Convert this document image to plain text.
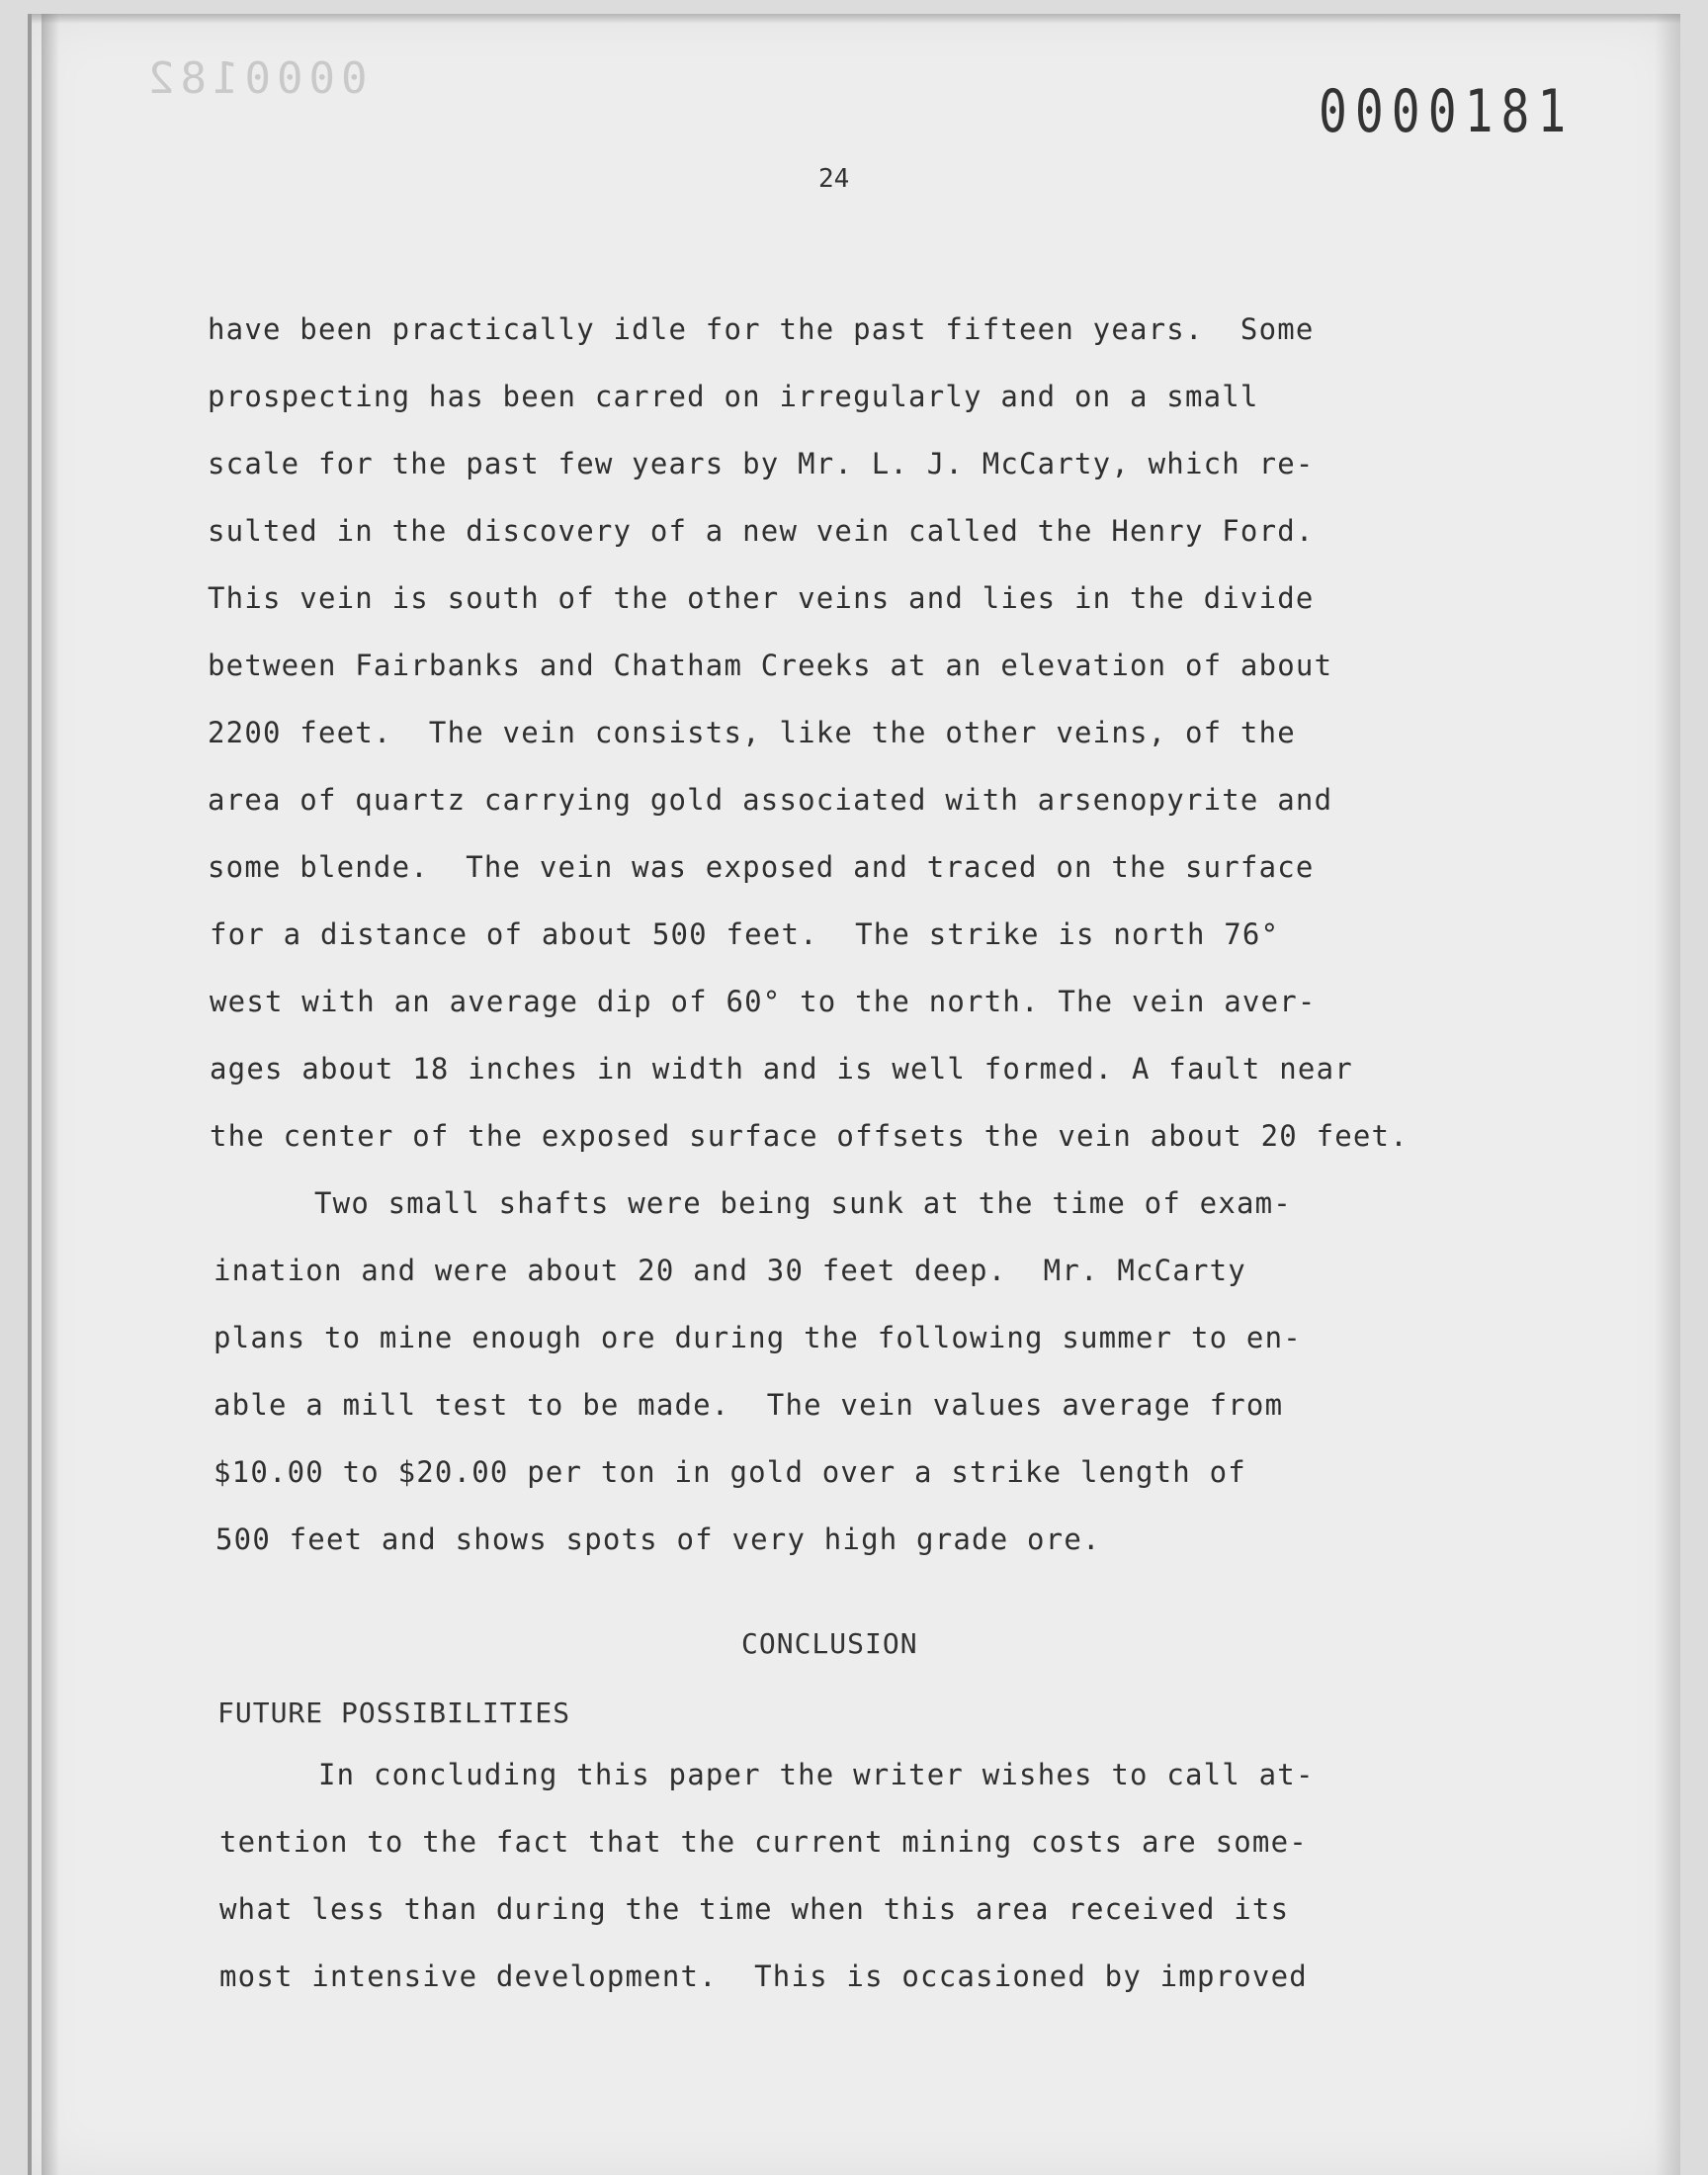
0000182	0000181
24
have been practically idle for the past fifteen years.  Some
prospecting has been carred on irregularly and on a small
scale for the past few years by Mr. L. J. McCarty, which re-
sulted in the discovery of a new vein called the Henry Ford.
This vein is south of the other veins and lies in the divide
between Fairbanks and Chatham Creeks at an elevation of about
2200 feet.  The vein consists, like the other veins, of the
area of quartz carrying gold associated with arsenopyrite and
some blende.  The vein was exposed and traced on the surface
for a distance of about 500 feet.  The strike is north 76°
west with an average dip of 60° to the north. The vein aver-
ages about 18 inches in width and is well formed. A fault near
the center of the exposed surface offsets the vein about 20 feet.
Two small shafts were being sunk at the time of exam-
ination and were about 20 and 30 feet deep.  Mr. McCarty
plans to mine enough ore during the following summer to en-
able a mill test to be made.  The vein values average from
$10.00 to $20.00 per ton in gold over a strike length of
500 feet and shows spots of very high grade ore.
CONCLUSION
FUTURE POSSIBILITIES
In concluding this paper the writer wishes to call at-
tention to the fact that the current mining costs are some-
what less than during the time when this area received its
most intensive development.  This is occasioned by improved
